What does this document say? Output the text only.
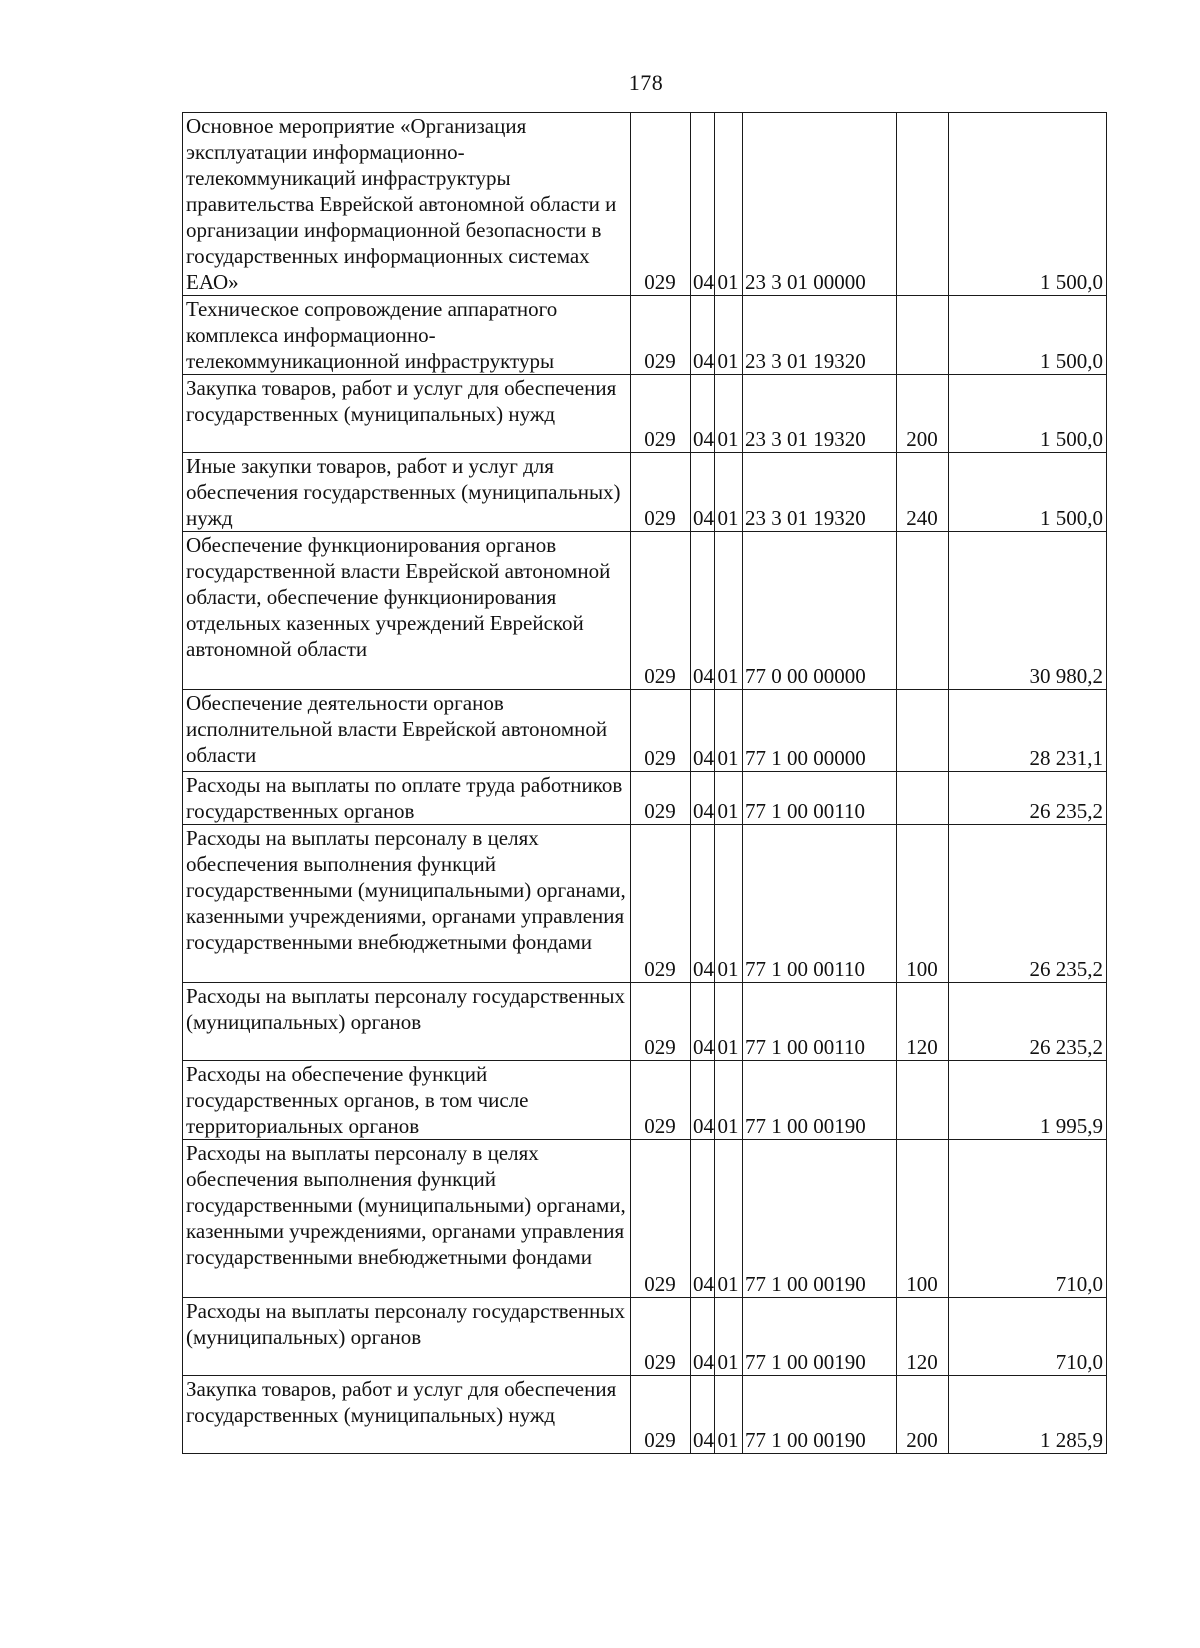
178
Основное мероприятие «Организация эксплуатации информационно-телекоммуникаций инфраструктуры правительства Еврейской автономной области и организации информационной безопасности в государственных информационных системах ЕАО»	029	04	01	23 3 01 00000		1 500,0
Техническое сопровождение аппаратного комплекса информационно-телекоммуникационной инфраструктуры	029	04	01	23 3 01 19320		1 500,0
Закупка товаров, работ и услуг для обеспечения государственных (муниципальных) нужд	029	04	01	23 3 01 19320	200	1 500,0
Иные закупки товаров, работ и услуг для обеспечения государственных (муниципальных) нужд	029	04	01	23 3 01 19320	240	1 500,0
Обеспечение функционирования органов государственной власти Еврейской автономной области, обеспечение функционирования отдельных казенных учреждений Еврейской автономной области	029	04	01	77 0 00 00000		30 980,2
Обеспечение деятельности органов исполнительной власти Еврейской автономной области	029	04	01	77 1 00 00000		28 231,1
Расходы на выплаты по оплате труда работников государственных органов	029	04	01	77 1 00 00110		26 235,2
Расходы на выплаты персоналу в целях обеспечения выполнения функций государственными (муниципальными) органами, казенными учреждениями, органами управления государственными внебюджетными фондами	029	04	01	77 1 00 00110	100	26 235,2
Расходы на выплаты персоналу государственных (муниципальных) органов	029	04	01	77 1 00 00110	120	26 235,2
Расходы на обеспечение функций государственных органов, в том числе территориальных органов	029	04	01	77 1 00 00190		1 995,9
Расходы на выплаты персоналу в целях обеспечения выполнения функций государственными (муниципальными) органами, казенными учреждениями, органами управления государственными внебюджетными фондами	029	04	01	77 1 00 00190	100	710,0
Расходы на выплаты персоналу государственных (муниципальных) органов	029	04	01	77 1 00 00190	120	710,0
Закупка товаров, работ и услуг для обеспечения государственных (муниципальных) нужд	029	04	01	77 1 00 00190	200	1 285,9
